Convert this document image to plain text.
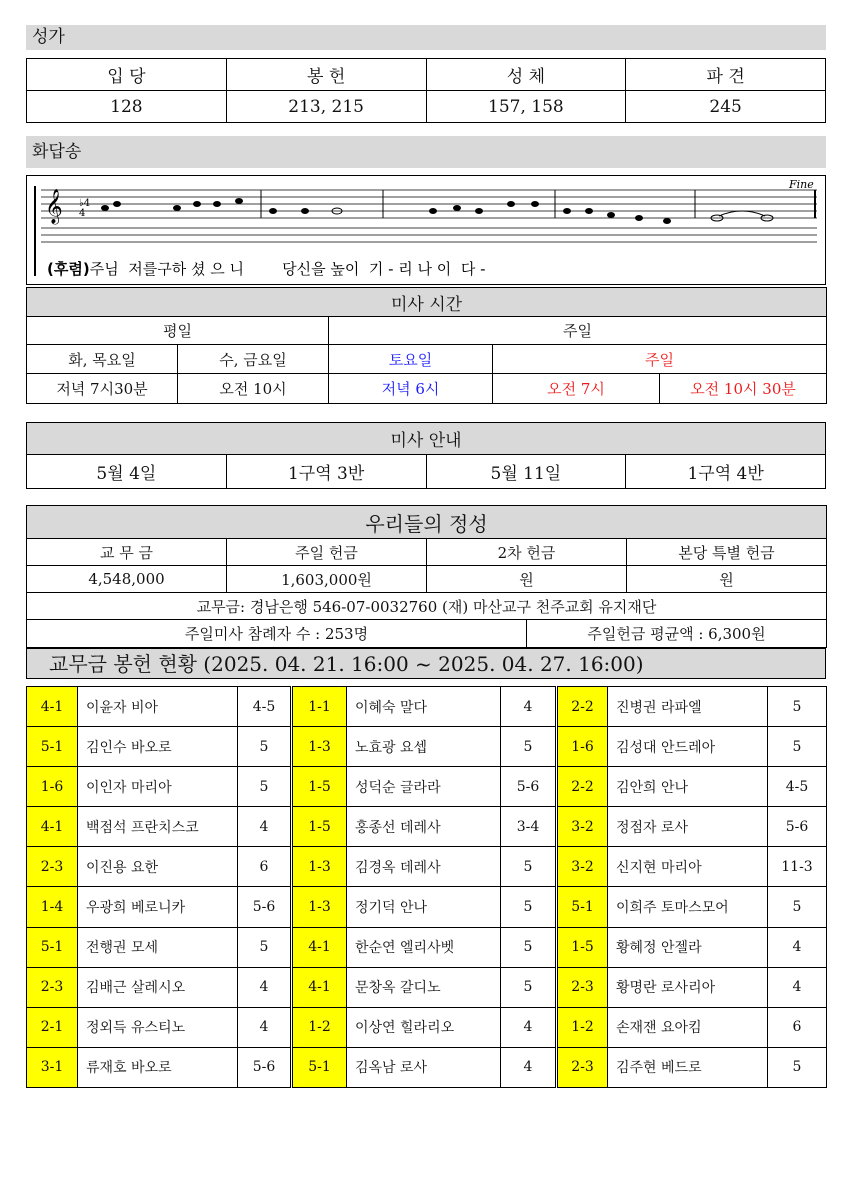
성가
입 당	봉 헌	성 체	파 견
128	213, 215	157, 158	245
화답송
𝄞 ♭4
4
Fine
(후렴)주님  저를구하 셨 으 니        당신을 높이  기 - 리 나 이  다 -
미사 시간				
평일		주일		
화, 목요일	수, 금요일	토요일	주일	
저녁 7시30분	오전 10시	저녁 6시	오전 7시	오전 10시 30분
미사 안내
5월 4일	1구역 3반	5월 11일	1구역 4반
우리들의 정성				
교 무 금	주일 헌금	2차 헌금		본당 특별 헌금
4,548,000	1,603,000원	원		원
교무금: 경남은행 546-07-0032760 (재) 마산교구 천주교회 유지재단				
주일미사 참례자 수 : 253명			주일헌금 평균액 : 6,300원	
교무금 봉헌 현황 (2025. 04. 21. 16:00 ~ 2025. 04. 27. 16:00)
4-1	이윤자 비아	4-5	1-1	이혜숙 말다	4	2-2	진병권 라파엘	5
5-1	김인수 바오로	5	1-3	노효광 요셉	5	1-6	김성대 안드레아	5
1-6	이인자 마리아	5	1-5	성덕순 글라라	5-6	2-2	김안희 안나	4-5
4-1	백점석 프란치스코	4	1-5	홍종선 데레사	3-4	3-2	정점자 로사	5-6
2-3	이진용 요한	6	1-3	김경옥 데레사	5	3-2	신지현 마리아	11-3
1-4	우광희 베로니카	5-6	1-3	정기덕 안나	5	5-1	이희주 토마스모어	5
5-1	전행권 모세	5	4-1	한순연 엘리사벳	5	1-5	황혜정 안젤라	4
2-3	김배근 살레시오	4	4-1	문창옥 갈디노	5	2-3	황명란 로사리아	4
2-1	정외득 유스티노	4	1-2	이상연 힐라리오	4	1-2	손재잰 요아킴	6
3-1	류재호 바오로	5-6	5-1	김옥남 로사	4	2-3	김주현 베드로	5
